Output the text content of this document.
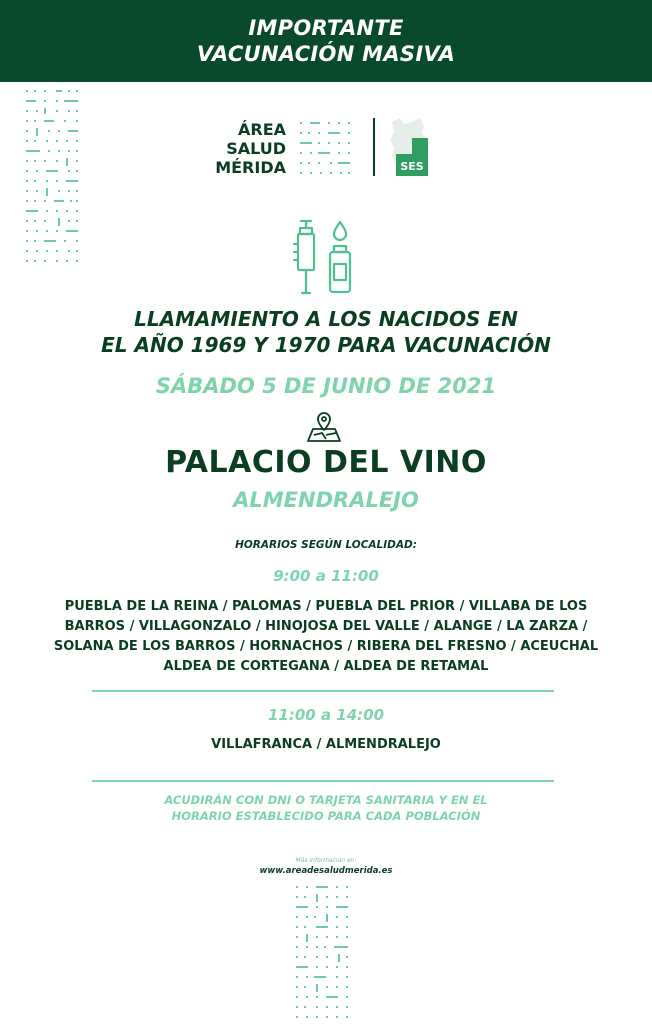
IMPORTANTE
VACUNACIÓN MASIVA
ÁREA
SALUD
MÉRIDA	SES
LLAMAMIENTO A LOS NACIDOS EN
EL AÑO 1969 Y 1970 PARA VACUNACIÓN
SÁBADO 5 DE JUNIO DE 2021
PALACIO DEL VINO
ALMENDRALEJO
HORARIOS SEGÚN LOCALIDAD:
9:00 a 11:00
PUEBLA DE LA REINA / PALOMAS / PUEBLA DEL PRIOR / VILLABA DE LOS
BARROS / VILLAGONZALO / HINOJOSA DEL VALLE / ALANGE / LA ZARZA /
SOLANA DE LOS BARROS / HORNACHOS / RIBERA DEL FRESNO / ACEUCHAL
ALDEA DE CORTEGANA / ALDEA DE RETAMAL
11:00 a 14:00
VILLAFRANCA / ALMENDRALEJO
ACUDIRÁN CON DNI O TARJETA SANITARIA Y EN EL
HORARIO ESTABLECIDO PARA CADA POBLACIÓN
Más información en:
www.areadesaludmerida.es
